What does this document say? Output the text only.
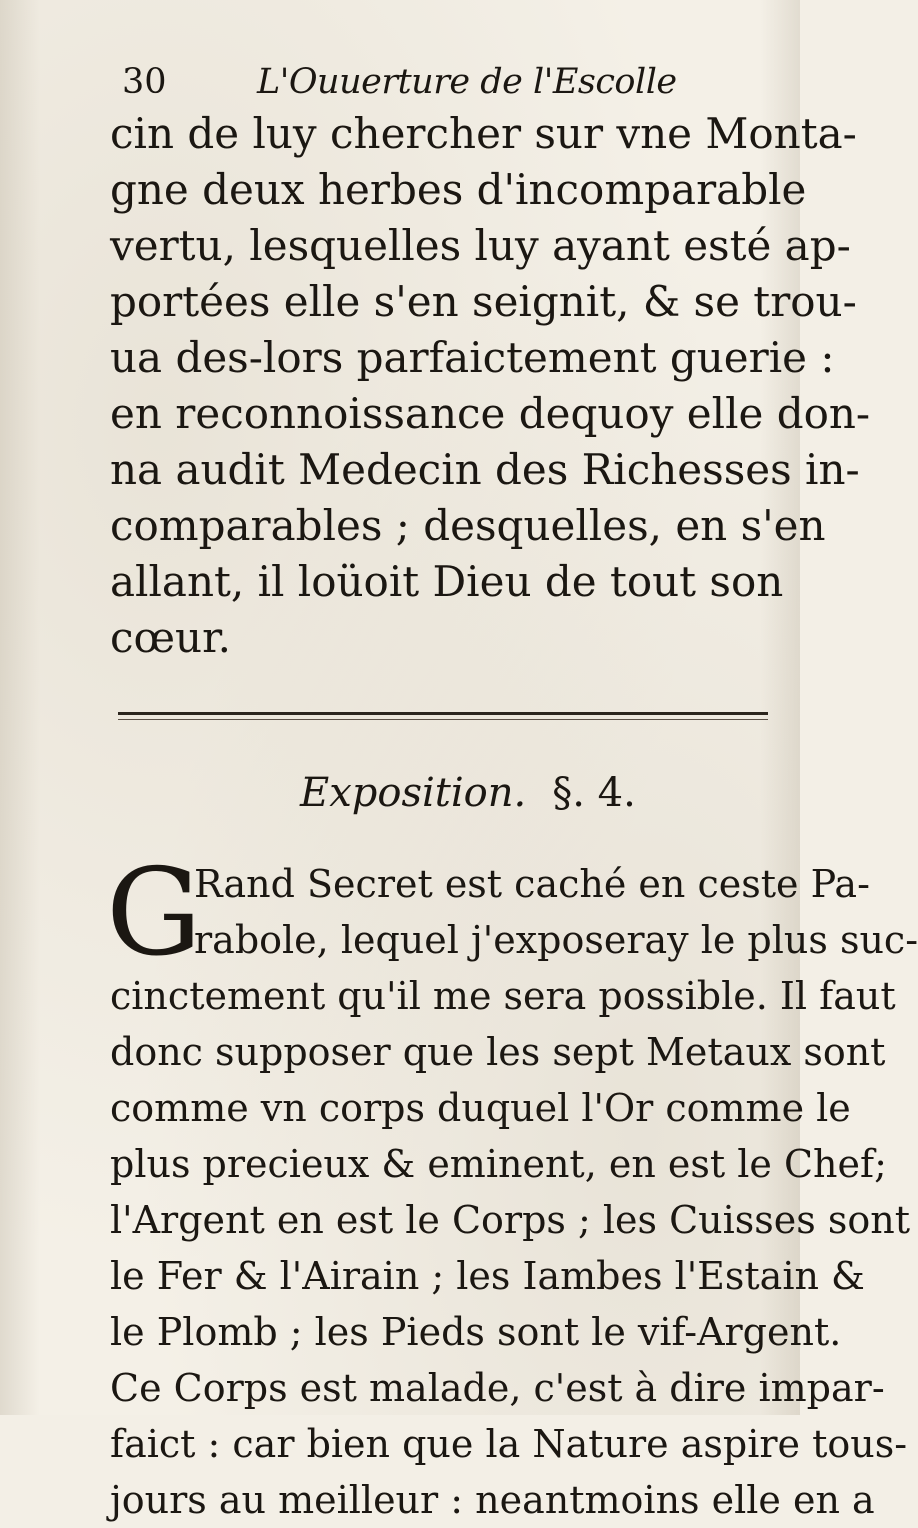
30	L'Ouuerture de l'Escolle
cin de luy chercher sur vne Monta-
gne deux herbes d'incomparable
vertu, lesquelles luy ayant esté ap-
portées elle s'en seignit, & se trou-
ua des-lors parfaictement guerie :
en reconnoissance dequoy elle don-
na audit Medecin des Richesses in-
comparables ; desquelles, en s'en
allant, il loüoit Dieu de tout son
cœur.
Exposition. §. 4.
G
Rand Secret est caché en ceste Pa-
rabole, lequel j'exposeray le plus suc-
cinctement qu'il me sera possible. Il faut
donc supposer que les sept Metaux sont
comme vn corps duquel l'Or comme le
plus precieux & eminent, en est le Chef;
l'Argent en est le Corps ; les Cuisses sont
le Fer & l'Airain ; les Iambes l'Estain &
le Plomb ; les Pieds sont le vif-Argent.
Ce Corps est malade, c'est à dire impar-
faict : car bien que la Nature aspire tous-
jours au meilleur : neantmoins elle en a
